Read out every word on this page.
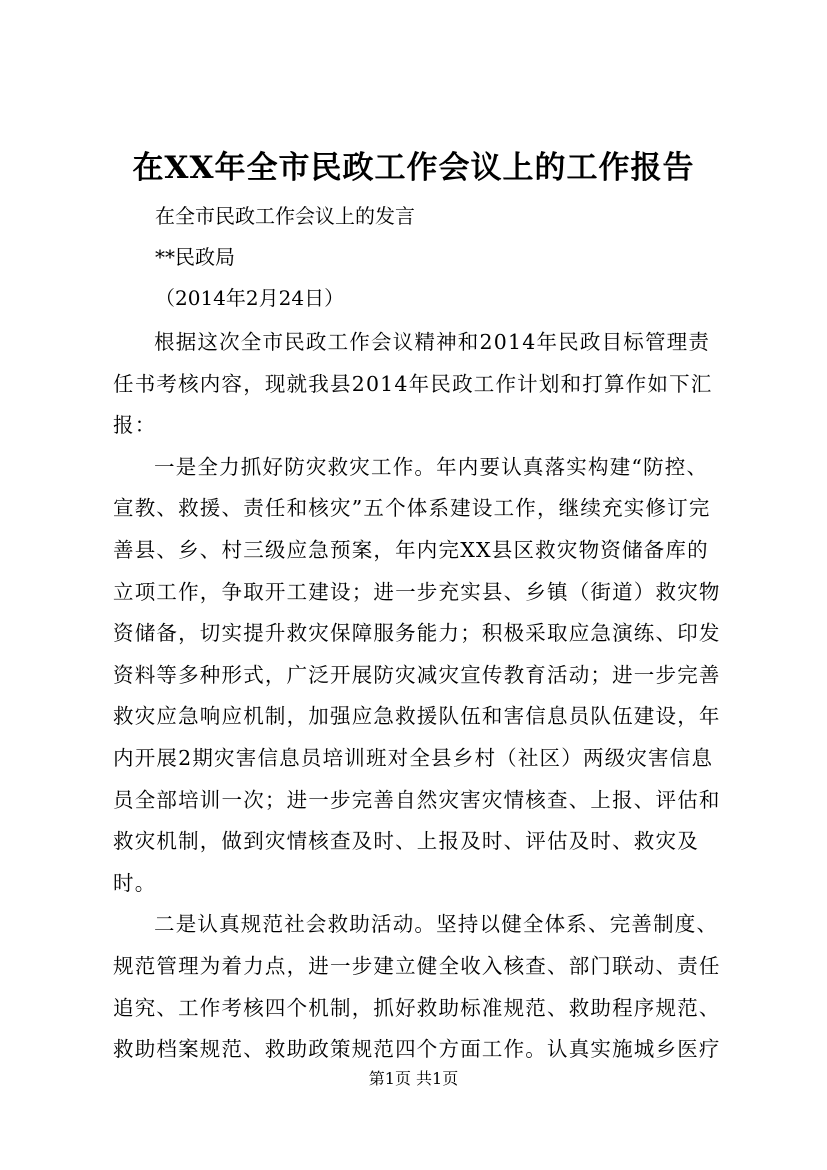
在XX年全市民政工作会议上的工作报告
在全市民政工作会议上的发言
**民政局
（2014年2月24日）

根据这次全市民政工作会议精神和2014年民政目标管理责任书考核内容，现就我县2014年民政工作计划和打算作如下汇报：

一是全力抓好防灾救灾工作。年内要认真落实构建“防控、宣教、救援、责任和核灾”五个体系建设工作，继续充实修订完善县、乡、村三级应急预案，年内完XX县区救灾物资储备库的立项工作，争取开工建设；进一步充实县、乡镇（街道）救灾物资储备，切实提升救灾保障服务能力；积极采取应急演练、印发资料等多种形式，广泛开展防灾减灾宣传教育活动；进一步完善救灾应急响应机制，加强应急救援队伍和害信息员队伍建设，年内开展2期灾害信息员培训班对全县乡村（社区）两级灾害信息员全部培训一次；进一步完善自然灾害灾情核查、上报、评估和救灾机制，做到灾情核查及时、上报及时、评估及时、救灾及时。

二是认真规范社会救助活动。坚持以健全体系、完善制度、规范管理为着力点，进一步建立健全收入核查、部门联动、责任追究、工作考核四个机制，抓好救助标准规范、救助程序规范、救助档案规范、救助政策规范四个方面工作。认真实施城乡医疗

第1页 共1页
